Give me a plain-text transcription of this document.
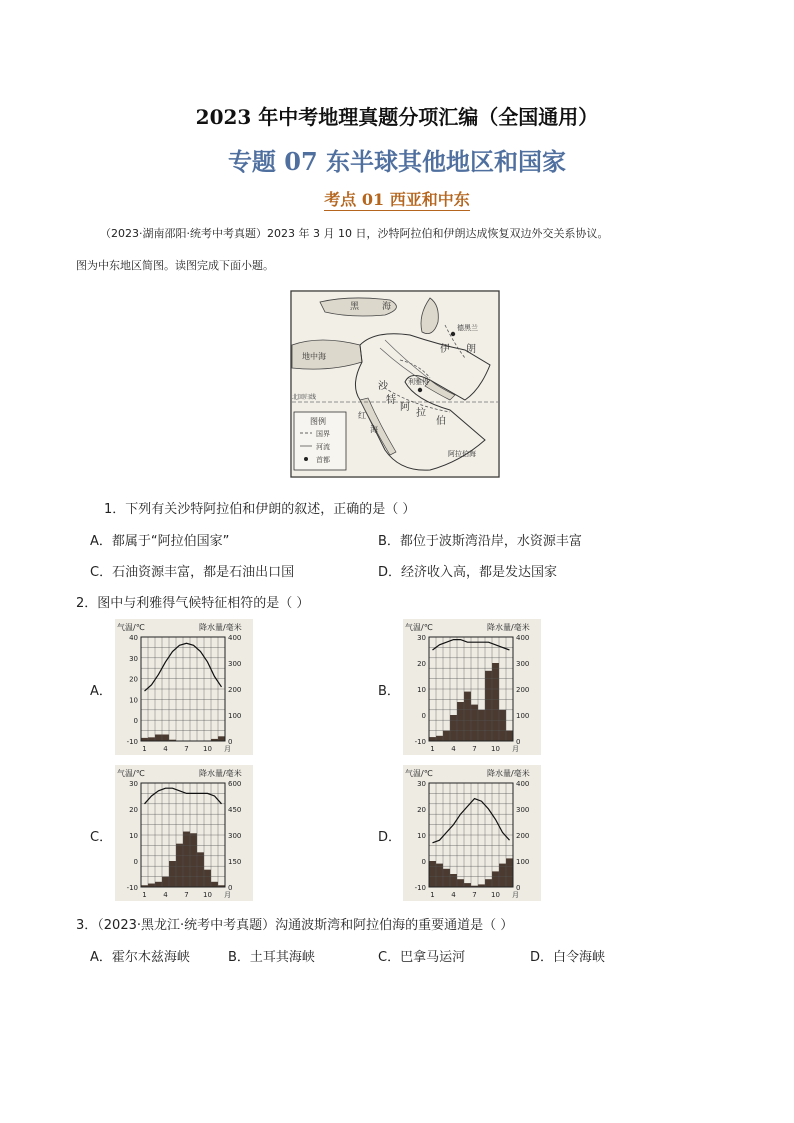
2023 年中考地理真题分项汇编（全国通用）
专题 07 东半球其他地区和国家
考点 01 西亚和中东
（2023·湖南邵阳·统考中考真题）2023 年 3 月 10 日，沙特阿拉伯和伊朗达成恢复双边外交关系协议。
图为中东地区简图。读图完成下面小题。
黑	海
地中海
红
海
阿拉伯海
伊 朗
沙
特
阿
拉
伯
德黑兰
利雅得
北回归线
图例
国界
河流
首都
1．下列有关沙特阿拉伯和伊朗的叙述，正确的是（ ）
A．都属于“阿拉伯国家”	B．都位于波斯湾沿岸，水资源丰富
C．石油资源丰富，都是石油出口国	D．经济收入高，都是发达国家
2．图中与利雅得气候特征相符的是（ ）
A．	B．
C．	D．
气温/℃	降水量/毫米
-10
0
10
20
30
40
0
100
200
300
400
1 4 7 10 月
气温/℃	降水量/毫米
-10
0
10
20
30
0
100
200
300
400
1 4 7 10 月
气温/℃	降水量/毫米
-10
0
10
20
30
0
150
300
450
600
1 4 7 10 月
气温/℃	降水量/毫米
-10
0
10
20
30
0
100
200
300
400
1 4 7 10 月
3．（2023·黑龙江·统考中考真题）沟通波斯湾和阿拉伯海的重要通道是（ ）
A．霍尔木兹海峡	B．土耳其海峡	C．巴拿马运河	D．白令海峡
